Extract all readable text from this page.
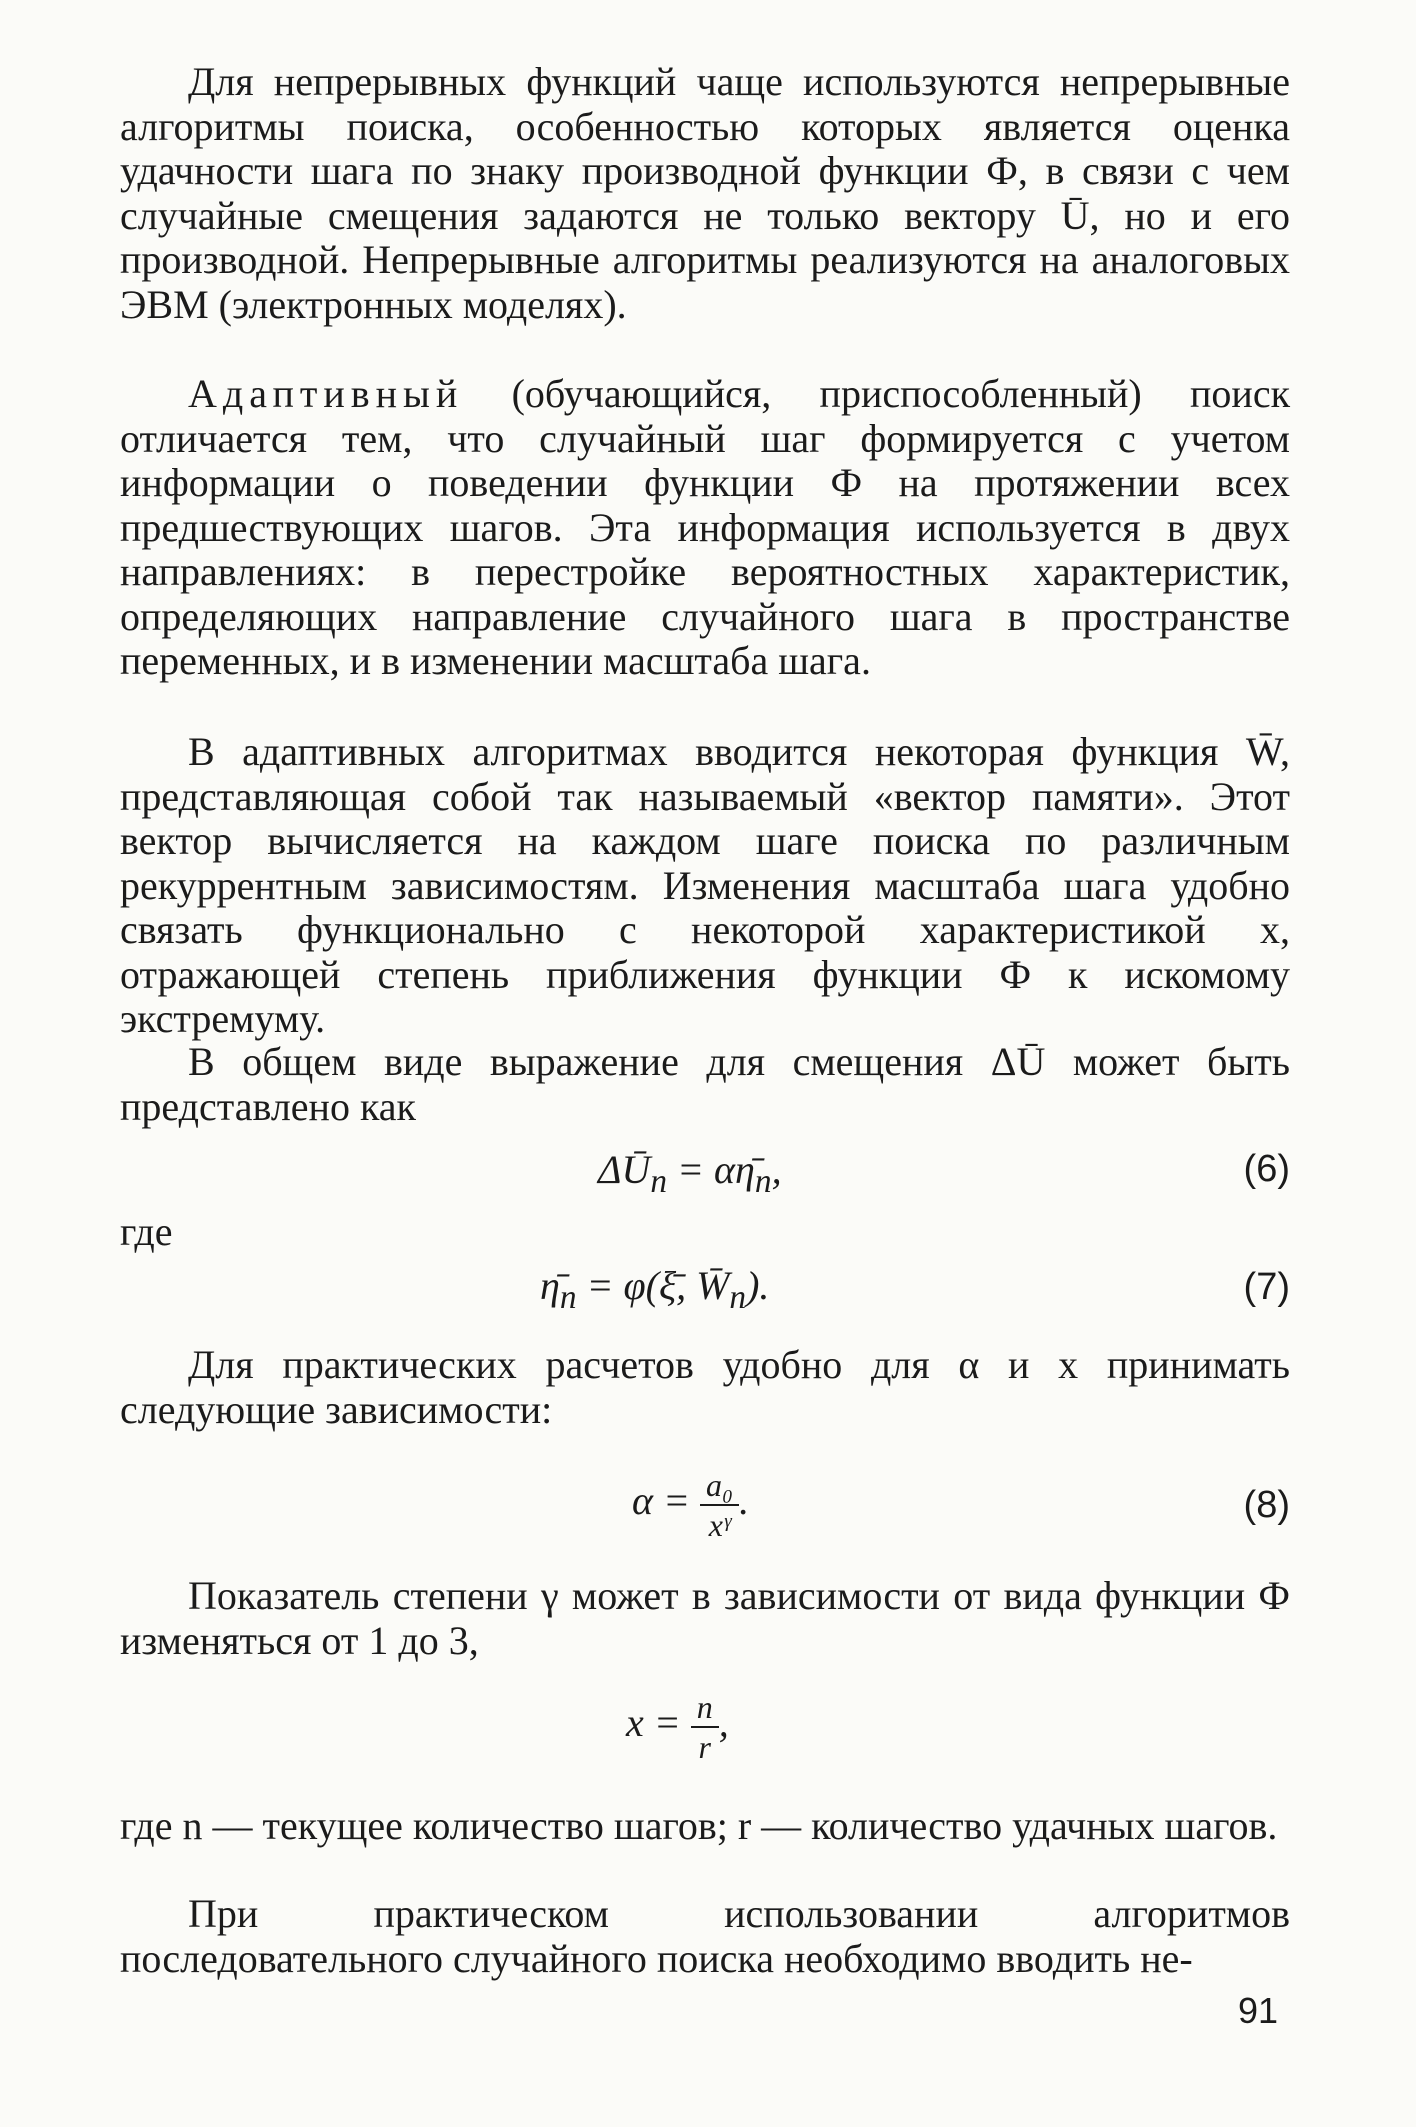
Для непрерывных функций чаще используются непрерывные алгоритмы поиска, особенностью которых является оценка удачности шага по знаку производной функции Ф, в связи с чем случайные смещения задаются не только вектору Ū, но и его производной. Непрерывные алгоритмы реализуются на аналоговых ЭВМ (электронных моделях).

Адаптивный (обучающийся, приспособленный) поиск отличается тем, что случайный шаг формируется с учетом информации о поведении функции Ф на протяжении всех предшествующих шагов. Эта информация используется в двух направлениях: в перестройке вероятностных характеристик, определяющих направление случайного шага в пространстве переменных, и в изменении масштаба шага.

В адаптивных алгоритмах вводится некоторая функция W̄, представляющая собой так называемый «вектор памяти». Этот вектор вычисляется на каждом шаге поиска по различным рекуррентным зависимостям. Изменения масштаба шага удобно связать функционально с некоторой характеристикой x, отражающей степень приближения функции Ф к искомому экстремуму.

В общем виде выражение для смещения ΔŪ может быть представлено как

$\Delta Ū_n$ = $\alpha\etā_n$,	(6)
где
$\etā_n$ = φ(ξ̄, $W̄_n$).	(7)

Для практических расчетов удобно для α и x принимать следующие зависимости:

$\alpha = \frac{\text{a₀}}{\text{xᵞ}}$ .	(8)

Показатель степени γ может в зависимости от вида функции Ф изменяться от 1 до 3,

$x = \frac{n}{r}$ ,

где n — текущее количество шагов; r — количество удачных шагов.

При практическом использовании алгоритмов последовательного случайного поиска необходимо вводить не-

91
